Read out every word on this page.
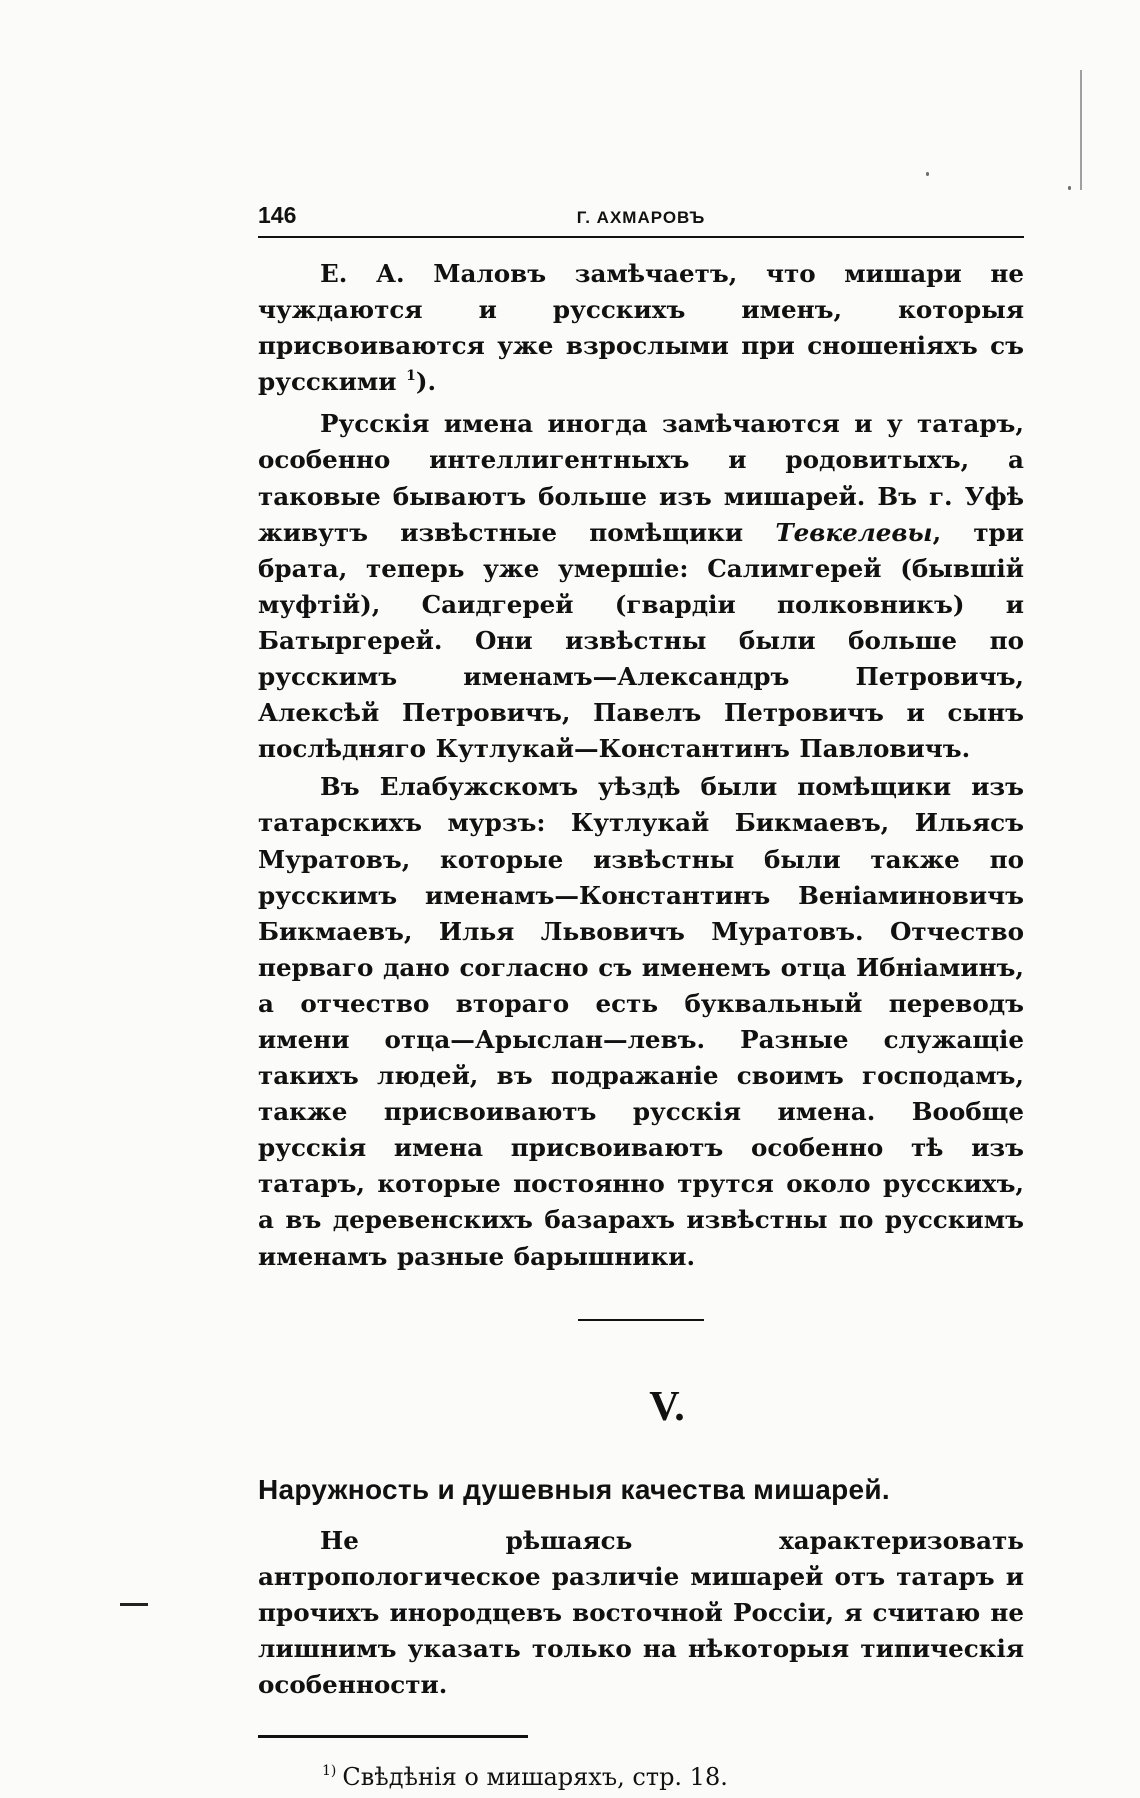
146	Г. АХМАРОВЪ

Е. А. Маловъ замѣчаетъ, что мишари не чуждаются и русскихъ именъ, которыя присвоиваются уже взрослыми при сношеніяхъ съ русскими $^1$).

Русскія имена иногда замѣчаются и у татаръ, особенно интеллигентныхъ и родовитыхъ, а таковые бываютъ больше изъ мишарей. Въ г. Уфѣ живутъ извѣстные помѣщики Тевкелевы, три брата, теперь уже умершіе: Салимгерей (бывшій муфтій), Саидгерей (гвардіи полковникъ) и Батыргерей. Они извѣстны были больше по русскимъ именамъ—Александръ Петровичъ, Алексѣй Петровичъ, Павелъ Петровичъ и сынъ послѣдняго Кутлукай—Константинъ Павловичъ.

Въ Елабужскомъ уѣздѣ были помѣщики изъ татарскихъ мурзъ: Кутлукай Бикмаевъ, Ильясъ Муратовъ, которые извѣстны были также по русскимъ именамъ—Константинъ Веніаминовичъ Бикмаевъ, Илья Львовичъ Муратовъ. Отчество перваго дано согласно съ именемъ отца Ибніаминъ, а отчество втораго есть буквальный переводъ имени отца—Арыслан—левъ. Разные служащіе такихъ людей, въ подражаніе своимъ господамъ, также присвоиваютъ русскія имена. Вообще русскія имена присвоиваютъ особенно тѣ изъ татаръ, которые постоянно трутся около русскихъ, а въ деревенскихъ базарахъ извѣстны по русскимъ именамъ разные барышники.

V.
Наружность и душевныя качества мишарей.

Не рѣшаясь характеризовать антропологическое различіе мишарей отъ татаръ и прочихъ инородцевъ восточной Россіи, я считаю не лишнимъ указать только на нѣкоторыя типическія особенности.

$^{1)}$ Свѣдѣнія о мишаряхъ, стр. 18.
